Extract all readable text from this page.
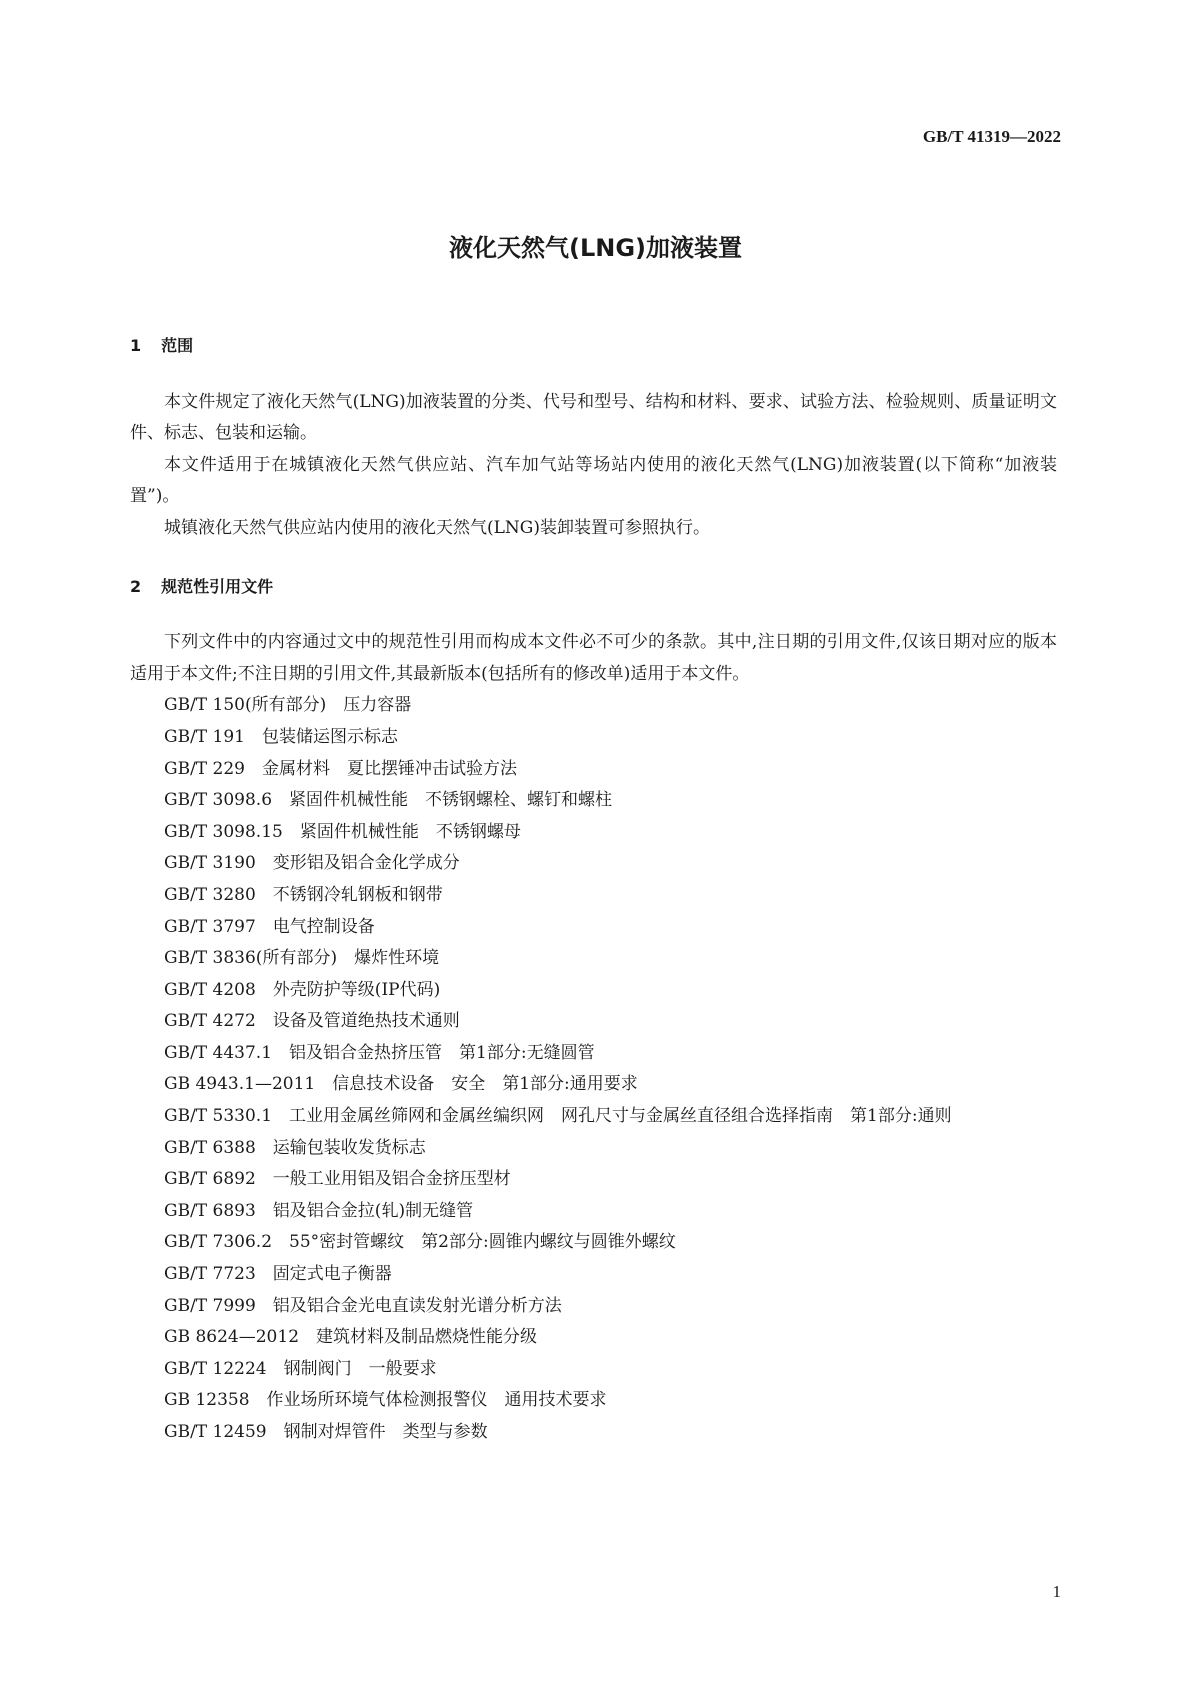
GB/T 41319—2022
液化天然气(LNG)加液装置
1 范围

本文件规定了液化天然气(LNG)加液装置的分类、代号和型号、结构和材料、要求、试验方法、检验规则、质量证明文件、标志、包装和运输。

本文件适用于在城镇液化天然气供应站、汽车加气站等场站内使用的液化天然气(LNG)加液装置(以下简称“加液装置”)。

城镇液化天然气供应站内使用的液化天然气(LNG)装卸装置可参照执行。

2 规范性引用文件

下列文件中的内容通过文中的规范性引用而构成本文件必不可少的条款。其中,注日期的引用文件,仅该日期对应的版本适用于本文件;不注日期的引用文件,其最新版本(包括所有的修改单)适用于本文件。

GB/T 150(所有部分)　压力容器

GB/T 191　包装储运图示标志

GB/T 229　金属材料　夏比摆锤冲击试验方法

GB/T 3098.6　紧固件机械性能　不锈钢螺栓、螺钉和螺柱

GB/T 3098.15　紧固件机械性能　不锈钢螺母

GB/T 3190　变形铝及铝合金化学成分

GB/T 3280　不锈钢冷轧钢板和钢带

GB/T 3797　电气控制设备

GB/T 3836(所有部分)　爆炸性环境

GB/T 4208　外壳防护等级(IP代码)

GB/T 4272　设备及管道绝热技术通则

GB/T 4437.1　铝及铝合金热挤压管　第1部分:无缝圆管

GB 4943.1—2011　信息技术设备　安全　第1部分:通用要求

GB/T 5330.1　工业用金属丝筛网和金属丝编织网　网孔尺寸与金属丝直径组合选择指南　第1部分:通则

GB/T 6388　运输包装收发货标志

GB/T 6892　一般工业用铝及铝合金挤压型材

GB/T 6893　铝及铝合金拉(轧)制无缝管

GB/T 7306.2　55°密封管螺纹　第2部分:圆锥内螺纹与圆锥外螺纹

GB/T 7723　固定式电子衡器

GB/T 7999　铝及铝合金光电直读发射光谱分析方法

GB 8624—2012　建筑材料及制品燃烧性能分级

GB/T 12224　钢制阀门　一般要求

GB 12358　作业场所环境气体检测报警仪　通用技术要求

GB/T 12459　钢制对焊管件　类型与参数

1
